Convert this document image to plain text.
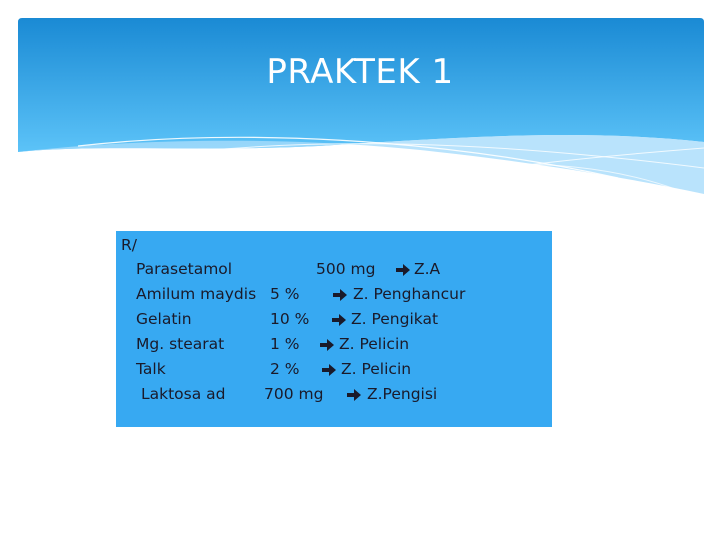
PRAKTEK 1
R/
Parasetamol	500 mg Z.A
Amilum maydis 5 %	Z. Penghancur
Gelatin	10 %	Z. Pengikat
Mg. stearat	1 %	Z. Pelicin
Talk	2 %	Z. Pelicin
Laktosa ad 700 mg	Z.Pengisi
